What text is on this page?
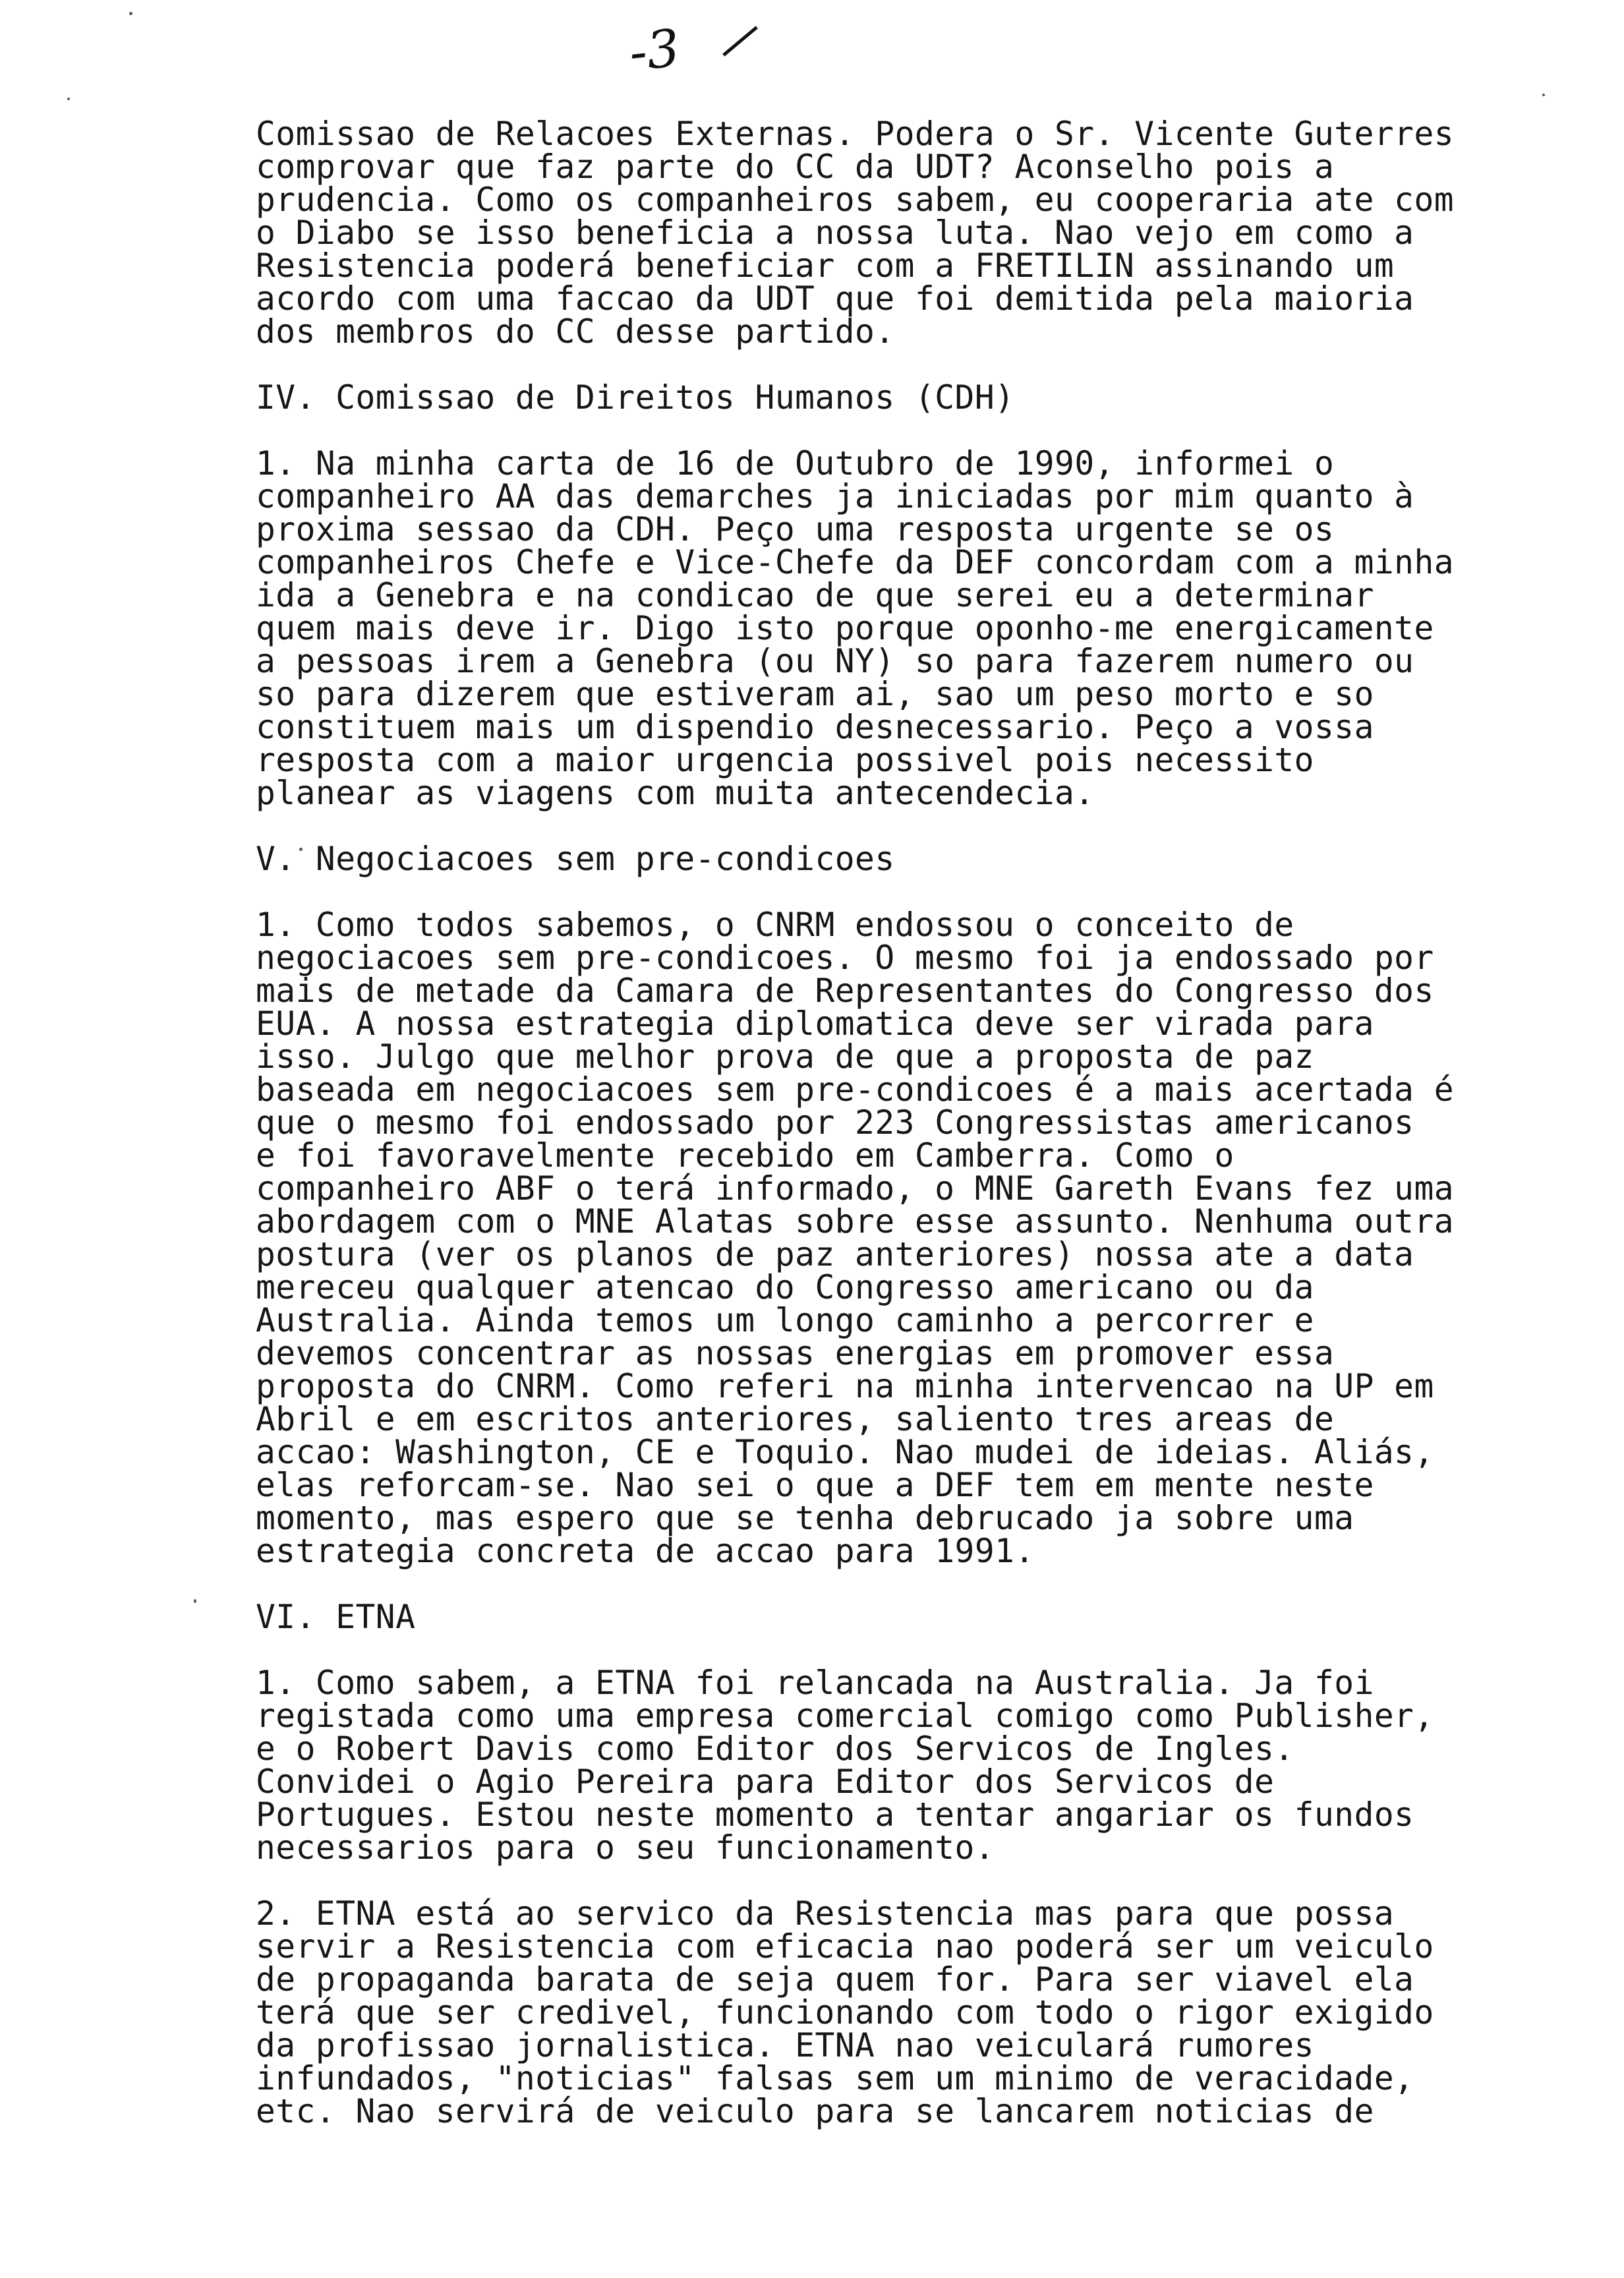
-3
Comissao de Relacoes Externas. Podera o Sr. Vicente Guterres
comprovar que faz parte do CC da UDT? Aconselho pois a
prudencia. Como os companheiros sabem, eu cooperaria ate com
o Diabo se isso beneficia a nossa luta. Nao vejo em como a
Resistencia poderá beneficiar com a FRETILIN assinando um
acordo com uma faccao da UDT que foi demitida pela maioria
dos membros do CC desse partido.
IV. Comissao de Direitos Humanos (CDH)
1. Na minha carta de 16 de Outubro de 1990, informei o
companheiro AA das demarches ja iniciadas por mim quanto à
proxima sessao da CDH. Peço uma resposta urgente se os
companheiros Chefe e Vice-Chefe da DEF concordam com a minha
ida a Genebra e na condicao de que serei eu a determinar
quem mais deve ir. Digo isto porque oponho-me energicamente
a pessoas irem a Genebra (ou NY) so para fazerem numero ou
so para dizerem que estiveram ai, sao um peso morto e so
constituem mais um dispendio desnecessario. Peço a vossa
resposta com a maior urgencia possivel pois necessito
planear as viagens com muita antecendecia.
V. Negociacoes sem pre-condicoes
1. Como todos sabemos, o CNRM endossou o conceito de
negociacoes sem pre-condicoes. O mesmo foi ja endossado por
mais de metade da Camara de Representantes do Congresso dos
EUA. A nossa estrategia diplomatica deve ser virada para
isso. Julgo que melhor prova de que a proposta de paz
baseada em negociacoes sem pre-condicoes é a mais acertada é
que o mesmo foi endossado por 223 Congressistas americanos
e foi favoravelmente recebido em Camberra. Como o
companheiro ABF o terá informado, o MNE Gareth Evans fez uma
abordagem com o MNE Alatas sobre esse assunto. Nenhuma outra
postura (ver os planos de paz anteriores) nossa ate a data
mereceu qualquer atencao do Congresso americano ou da
Australia. Ainda temos um longo caminho a percorrer e
devemos concentrar as nossas energias em promover essa
proposta do CNRM. Como referi na minha intervencao na UP em
Abril e em escritos anteriores, saliento tres areas de
accao: Washington, CE e Toquio. Nao mudei de ideias. Aliás,
elas reforcam-se. Nao sei o que a DEF tem em mente neste
momento, mas espero que se tenha debrucado ja sobre uma
estrategia concreta de accao para 1991.
VI. ETNA
1. Como sabem, a ETNA foi relancada na Australia. Ja foi
registada como uma empresa comercial comigo como Publisher,
e o Robert Davis como Editor dos Servicos de Ingles.
Convidei o Agio Pereira para Editor dos Servicos de
Portugues. Estou neste momento a tentar angariar os fundos
necessarios para o seu funcionamento.
2. ETNA está ao servico da Resistencia mas para que possa
servir a Resistencia com eficacia nao poderá ser um veiculo
de propaganda barata de seja quem for. Para ser viavel ela
terá que ser credivel, funcionando com todo o rigor exigido
da profissao jornalistica. ETNA nao veiculará rumores
infundados, "noticias" falsas sem um minimo de veracidade,
etc. Nao servirá de veiculo para se lancarem noticias de
